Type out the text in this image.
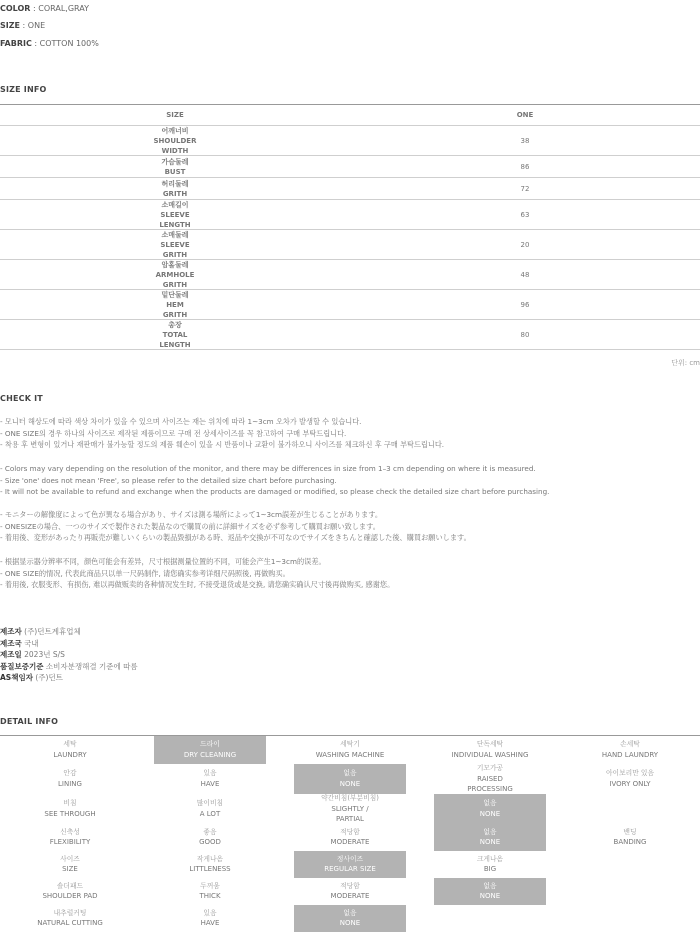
COLOR : CORAL,GRAY
SIZE : ONE
FABRIC : COTTON 100%
SIZE INFO
SIZE	ONE
어깨너비
SHOULDER
WIDTH
38
가슴둘레
BUST
86
허리둘레
GRITH
72
소매길이
SLEEVE
LENGTH
63
소매둘레
SLEEVE
GRITH
20
암홀둘레
ARMHOLE
GRITH
48
밑단둘레
HEM
GRITH
96
총장
TOTAL
LENGTH
80
단위: cm
CHECK IT
- 모니터 해상도에 따라 색상 차이가 있을 수 있으며 사이즈는 재는 위치에 따라 1~3cm 오차가 발생할 수 있습니다.
- ONE SIZE의 경우 하나의 사이즈로 제작된 제품이므로 구매 전 상세사이즈를 꼭 참고하여 구매 부탁드립니다.
- 착용 후 변형이 있거나 재판매가 불가능할 정도의 제품 훼손이 있을 시 반품이나 교환이 불가하오니 사이즈를 체크하신 후 구매 부탁드립니다.
- Colors may vary depending on the resolution of the monitor, and there may be differences in size from 1–3 cm depending on where it is measured.
- Size 'one' does not mean 'Free', so please refer to the detailed size chart before purchasing.
- It will not be available to refund and exchange when the products are damaged or modified, so please check the detailed size chart before purchasing.
- モニターの解像度によって色が異なる場合があり、サイズは測る場所によって1~3cm誤差が生じることがあります。
- ONESIZEの場合、一つのサイズで製作された製品なので購買の前に詳細サイズを必ず参考して購買お願い致します。
- 着用後、変形があったり再販売が難しいくらいの製品毀損がある時、返品や交換が不可なのでサイズをきちんと確認した後、購買お願いします。
- 根据显示器分辨率不同，颜色可能会有差异，尺寸根据测量位置的不同，可能会产生1~3cm的误差。
- ONE SIZE的情况, 代表此商品只以单一尺码制作, 请您确实参考详细尺码照後, 再做购买。
- 着用後, 衣服变形、有损伤, 难以再做贩卖的各种情况发生时, 不接受退货或是交换, 请您确实确认尺寸後再做购买, 感谢您。
제조자 (주)던트계휴업체
제조국 국내
제조일 2023년 S/S
품질보증기준 소비자분쟁해결 기준에 따름
AS책임자 (주)던트
DETAIL INFO
세탁
LAUNDRY
드라이
DRY CLEANING
세탁기
WASHING MACHINE
단독세탁
INDIVIDUAL WASHING
손세탁
HAND LAUNDRY
안감
LINING
있음
HAVE
없음
NONE
기모가공
RAISED
PROCESSING
아이보리만 있음
IVORY ONLY
비침
SEE THROUGH
많이비침
A LOT
약간비침(부분비침)
SLIGHTLY /
PARTIAL
없음
NONE
신축성
FLEXIBILITY
좋음
GOOD
적당함
MODERATE
없음
NONE
밴딩
BANDING
사이즈
SIZE
작게나옴
LITTLENESS
정사이즈
REGULAR SIZE
크게나옴
BIG
숄더패드
SHOULDER PAD
두꺼움
THICK
적당함
MODERATE
없음
NONE
내추럴커팅
NATURAL CUTTING
있음
HAVE
없음
NONE
